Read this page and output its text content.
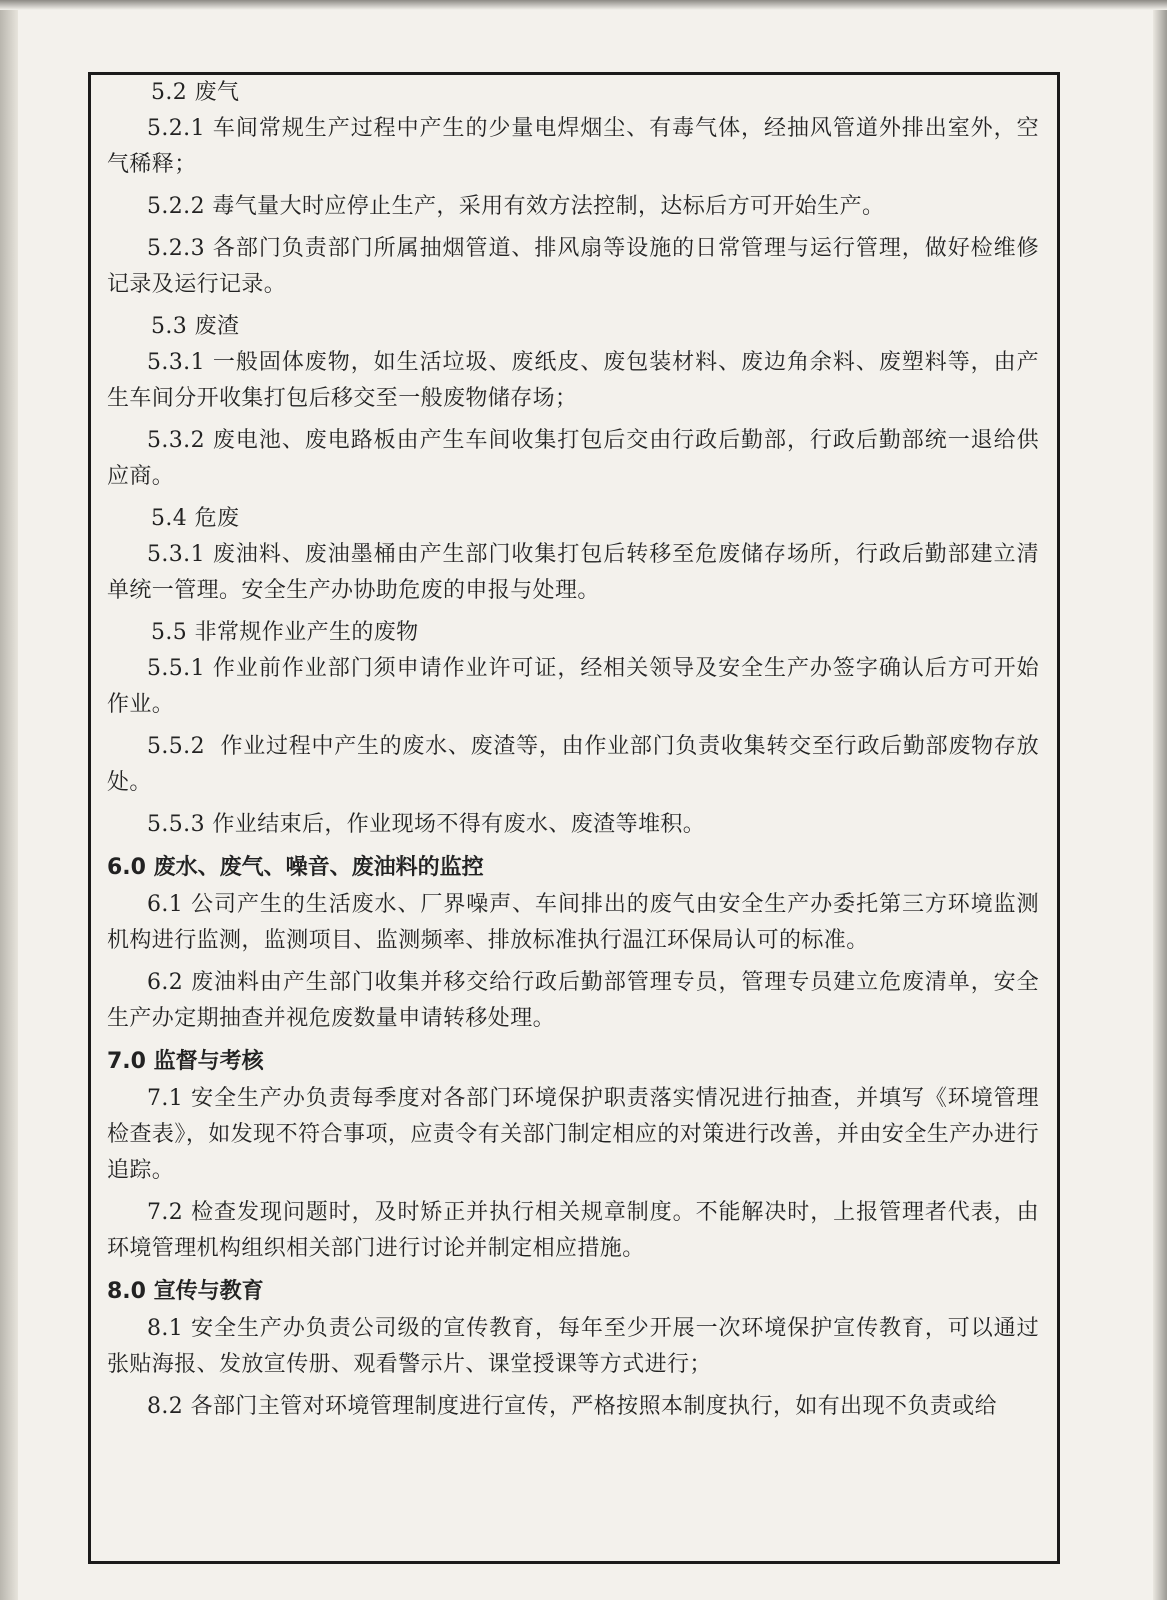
5.2 废气
5.2.1 车间常规生产过程中产生的少量电焊烟尘、有毒气体，经抽风管道外排出室外，空气稀释；
5.2.2 毒气量大时应停止生产，采用有效方法控制，达标后方可开始生产。
5.2.3 各部门负责部门所属抽烟管道、排风扇等设施的日常管理与运行管理，做好检维修记录及运行记录。
5.3 废渣
5.3.1 一般固体废物，如生活垃圾、废纸皮、废包装材料、废边角余料、废塑料等，由产生车间分开收集打包后移交至一般废物储存场；
5.3.2 废电池、废电路板由产生车间收集打包后交由行政后勤部，行政后勤部统一退给供应商。
5.4 危废
5.3.1 废油料、废油墨桶由产生部门收集打包后转移至危废储存场所，行政后勤部建立清单统一管理。安全生产办协助危废的申报与处理。
5.5 非常规作业产生的废物
5.5.1 作业前作业部门须申请作业许可证，经相关领导及安全生产办签字确认后方可开始作业。
5.5.2  作业过程中产生的废水、废渣等，由作业部门负责收集转交至行政后勤部废物存放处。
5.5.3 作业结束后，作业现场不得有废水、废渣等堆积。
6.0 废水、废气、噪音、废油料的监控
6.1 公司产生的生活废水、厂界噪声、车间排出的废气由安全生产办委托第三方环境监测机构进行监测，监测项目、监测频率、排放标准执行温江环保局认可的标准。
6.2 废油料由产生部门收集并移交给行政后勤部管理专员，管理专员建立危废清单，安全生产办定期抽查并视危废数量申请转移处理。
7.0 监督与考核
7.1 安全生产办负责每季度对各部门环境保护职责落实情况进行抽查，并填写《环境管理检查表》，如发现不符合事项，应责令有关部门制定相应的对策进行改善，并由安全生产办进行追踪。
7.2 检查发现问题时，及时矫正并执行相关规章制度。不能解决时，上报管理者代表，由环境管理机构组织相关部门进行讨论并制定相应措施。
8.0 宣传与教育
8.1 安全生产办负责公司级的宣传教育，每年至少开展一次环境保护宣传教育，可以通过张贴海报、发放宣传册、观看警示片、课堂授课等方式进行；
8.2 各部门主管对环境管理制度进行宣传，严格按照本制度执行，如有出现不负责或给
